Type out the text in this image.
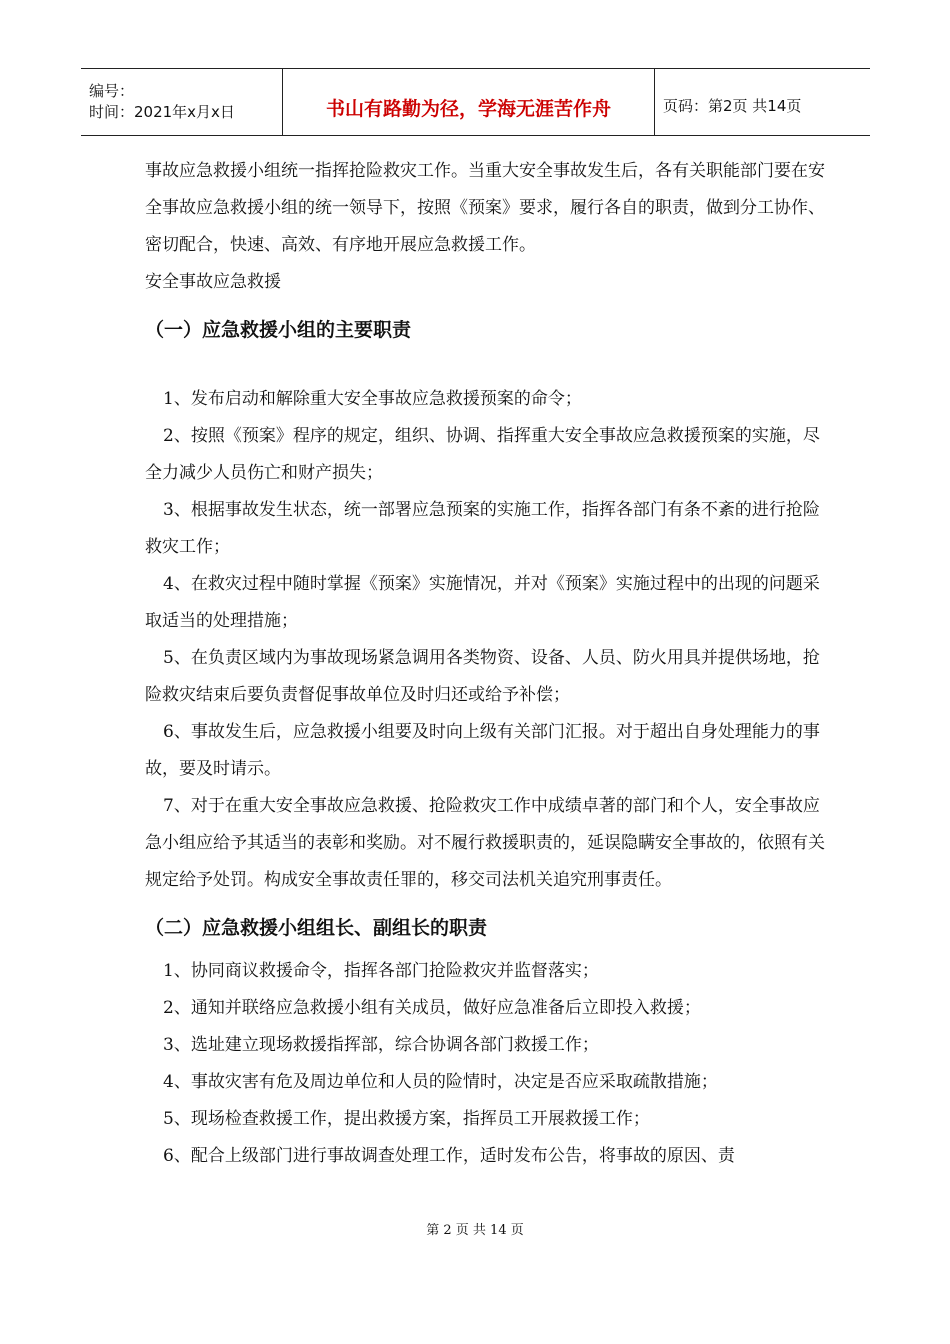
编号：
时间：2021年x月x日	书山有路勤为径，学海无涯苦作舟	页码：第2页 共14页

事故应急救援小组统一指挥抢险救灾工作。当重大安全事故发生后，各有关职能部门要在安全事故应急救援小组的统一领导下，按照《预案》要求，履行各自的职责，做到分工协作、密切配合，快速、高效、有序地开展应急救援工作。

安全事故应急救援

（一）应急救援小组的主要职责

1、发布启动和解除重大安全事故应急救援预案的命令；

2、按照《预案》程序的规定，组织、协调、指挥重大安全事故应急救援预案的实施，尽全力减少人员伤亡和财产损失；

3、根据事故发生状态，统一部署应急预案的实施工作，指挥各部门有条不紊的进行抢险救灾工作；

4、在救灾过程中随时掌握《预案》实施情况，并对《预案》实施过程中的出现的问题采取适当的处理措施；

5、在负责区域内为事故现场紧急调用各类物资、设备、人员、防火用具并提供场地，抢险救灾结束后要负责督促事故单位及时归还或给予补偿；

6、事故发生后，应急救援小组要及时向上级有关部门汇报。对于超出自身处理能力的事故，要及时请示。

7、对于在重大安全事故应急救援、抢险救灾工作中成绩卓著的部门和个人，安全事故应急小组应给予其适当的表彰和奖励。对不履行救援职责的，延误隐瞒安全事故的，依照有关规定给予处罚。构成安全事故责任罪的，移交司法机关追究刑事责任。

（二）应急救援小组组长、副组长的职责

1、协同商议救援命令，指挥各部门抢险救灾并监督落实；

2、通知并联络应急救援小组有关成员，做好应急准备后立即投入救援；

3、选址建立现场救援指挥部，综合协调各部门救援工作；

4、事故灾害有危及周边单位和人员的险情时，决定是否应采取疏散措施；

5、现场检查救援工作，提出救援方案，指挥员工开展救援工作；

6、配合上级部门进行事故调查处理工作，适时发布公告，将事故的原因、责

第 2 页 共 14 页
